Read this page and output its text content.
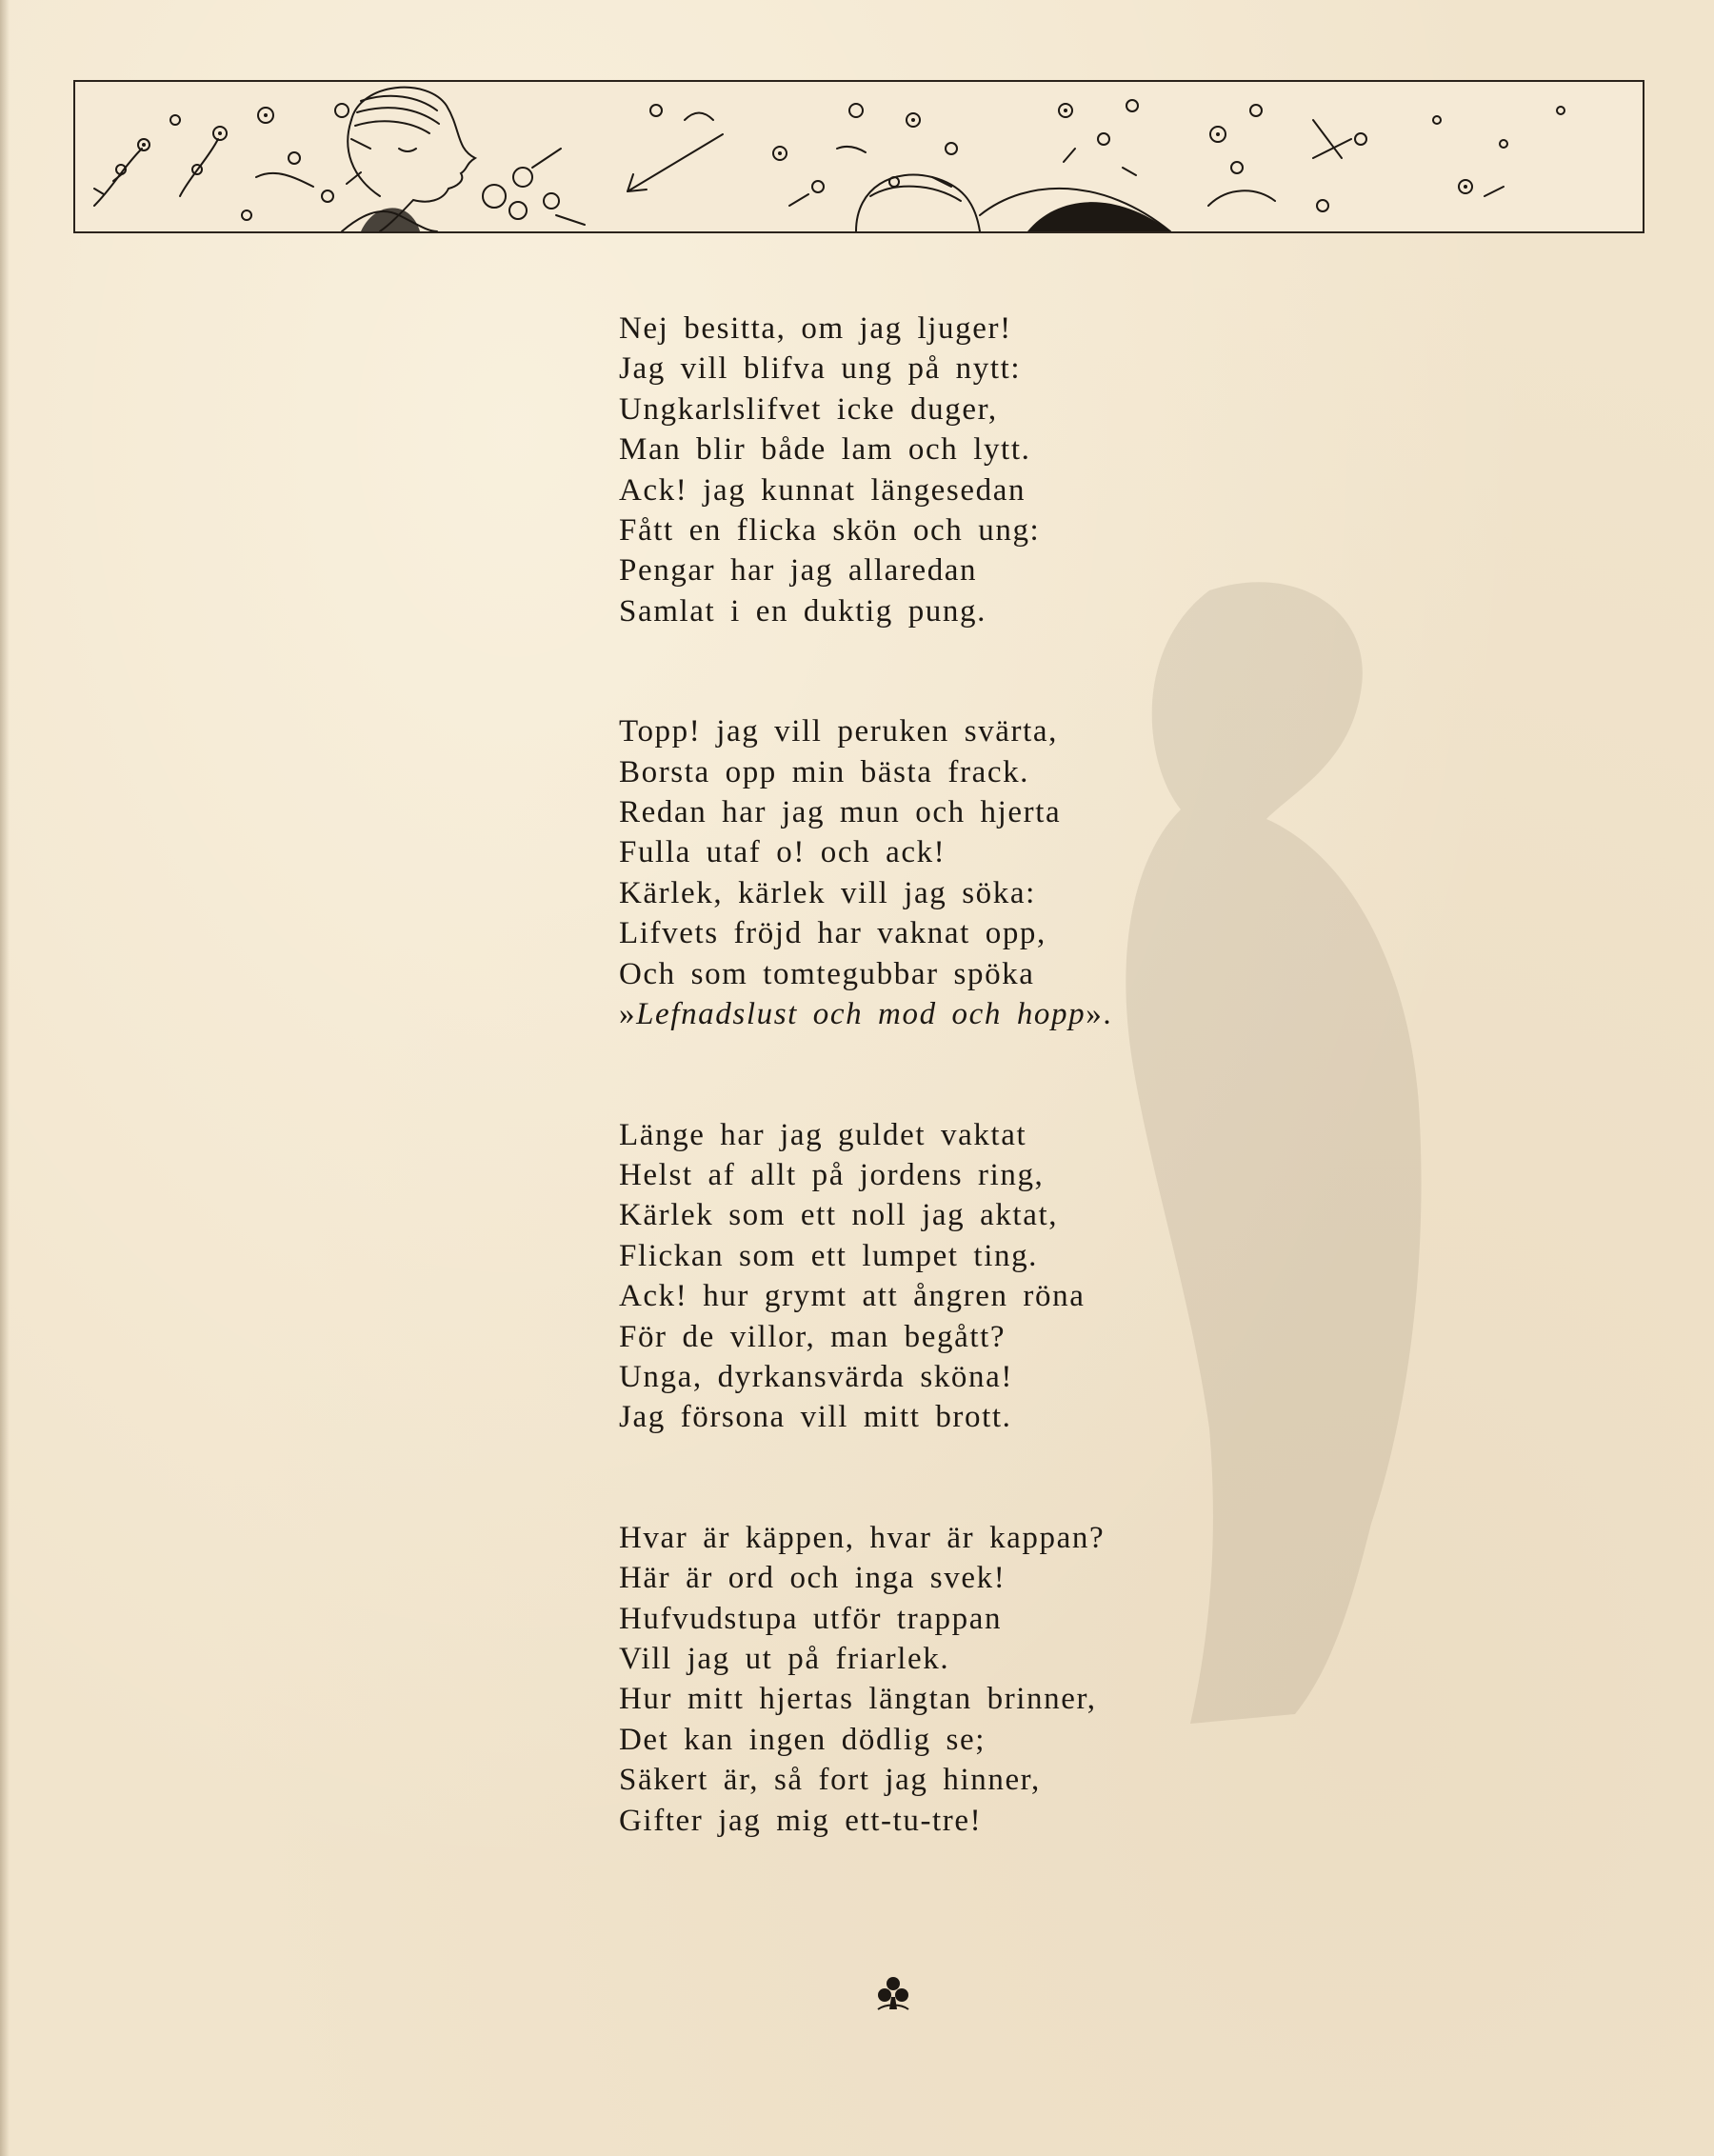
Nej besitta, om jag ljuger!
Jag vill blifva ung på nytt:
Ungkarlslifvet icke duger,
Man blir både lam och lytt.
Ack! jag kunnat längesedan
Fått en flicka skön och ung:
Pengar har jag allaredan
Samlat i en duktig pung.
Topp! jag vill peruken svärta,
Borsta opp min bästa frack.
Redan har jag mun och hjerta
Fulla utaf o! och ack!
Kärlek, kärlek vill jag söka:
Lifvets fröjd har vaknat opp,
Och som tomtegubbar spöka
»Lefnadslust och mod och hopp».
Länge har jag guldet vaktat
Helst af allt på jordens ring,
Kärlek som ett noll jag aktat,
Flickan som ett lumpet ting.
Ack! hur grymt att ångren röna
För de villor, man begått?
Unga, dyrkansvärda sköna!
Jag försona vill mitt brott.
Hvar är käppen, hvar är kappan?
Här är ord och inga svek!
Hufvudstupa utför trappan
Vill jag ut på friarlek.
Hur mitt hjertas längtan brinner,
Det kan ingen dödlig se;
Säkert är, så fort jag hinner,
Gifter jag mig ett-tu-tre!
